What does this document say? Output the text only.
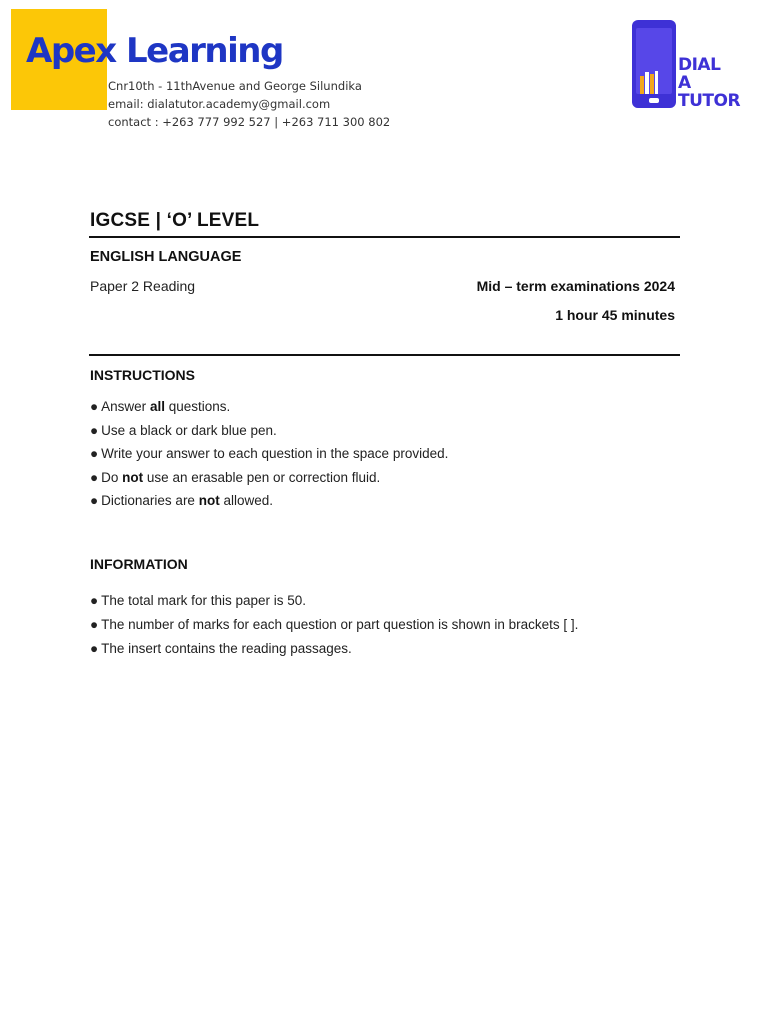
Apex Learning
Cnr10th - 11thAvenue and George Silundika
email: dialatutor.academy@gmail.com
contact : +263 777 992 527 | +263 711 300 802
DIAL
A
TUTOR
IGCSE | ‘O’ LEVEL
ENGLISH LANGUAGE
Paper 2 Reading	Mid – term examinations 2024
1 hour 45 minutes
INSTRUCTIONS
● Answer all questions.
● Use a black or dark blue pen.
● Write your answer to each question in the space provided.
● Do not use an erasable pen or correction fluid.
● Dictionaries are not allowed.
INFORMATION
● The total mark for this paper is 50.
● The number of marks for each question or part question is shown in brackets [ ].
● The insert contains the reading passages.
